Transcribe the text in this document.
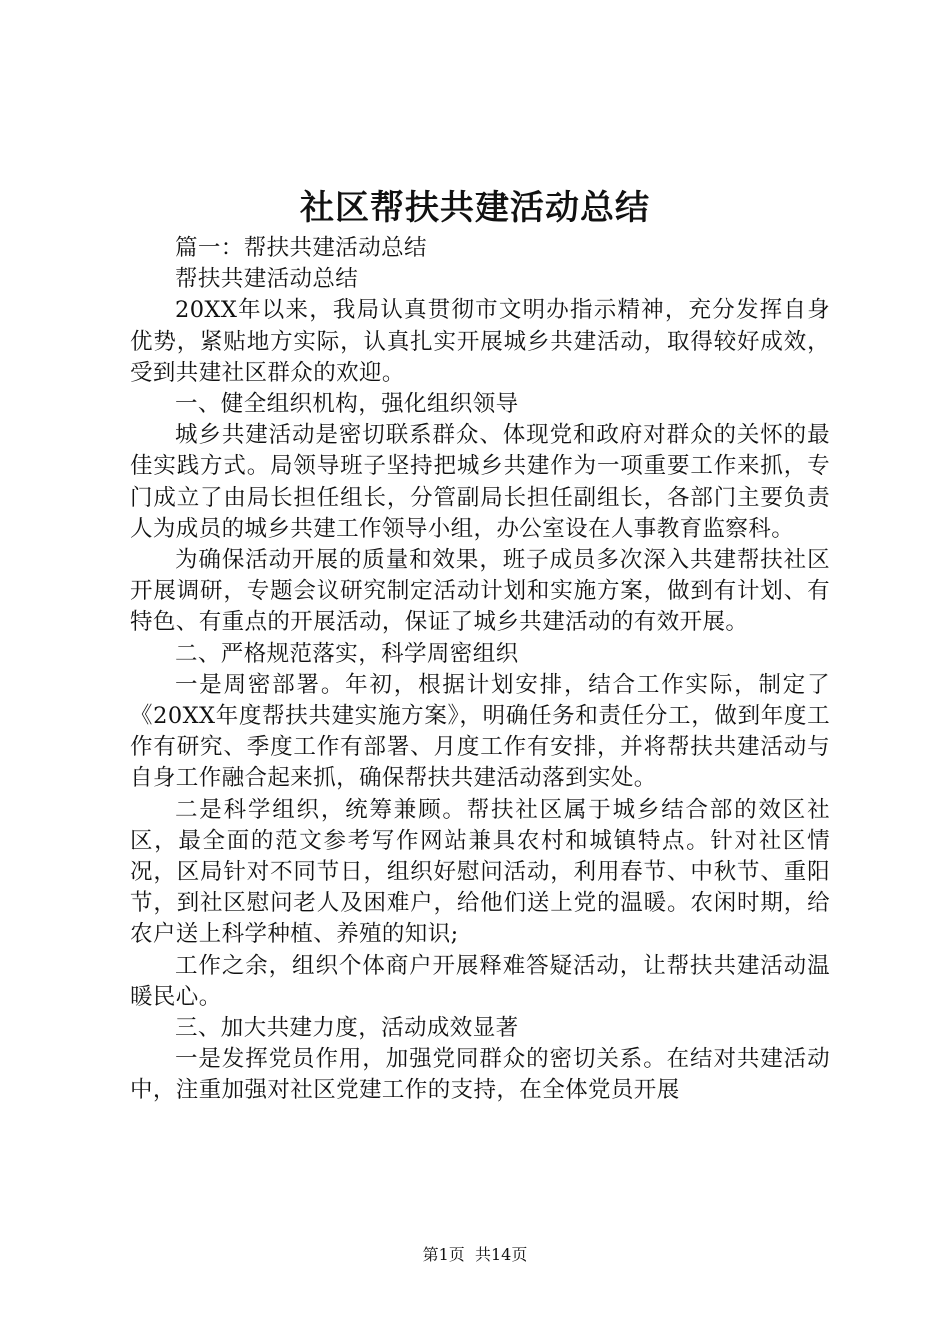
社区帮扶共建活动总结

篇一：帮扶共建活动总结

帮扶共建活动总结

20XX年以来，我局认真贯彻市文明办指示精神，充分发挥自身优势，紧贴地方实际，认真扎实开展城乡共建活动，取得较好成效，受到共建社区群众的欢迎。

一、健全组织机构，强化组织领导

城乡共建活动是密切联系群众、体现党和政府对群众的关怀的最佳实践方式。局领导班子坚持把城乡共建作为一项重要工作来抓，专门成立了由局长担任组长，分管副局长担任副组长，各部门主要负责人为成员的城乡共建工作领导小组，办公室设在人事教育监察科。

为确保活动开展的质量和效果，班子成员多次深入共建帮扶社区开展调研，专题会议研究制定活动计划和实施方案，做到有计划、有特色、有重点的开展活动，保证了城乡共建活动的有效开展。

二、严格规范落实，科学周密组织

一是周密部署。年初，根据计划安排，结合工作实际，制定了《20XX年度帮扶共建实施方案》，明确任务和责任分工，做到年度工作有研究、季度工作有部署、月度工作有安排，并将帮扶共建活动与自身工作融合起来抓，确保帮扶共建活动落到实处。

二是科学组织，统筹兼顾。帮扶社区属于城乡结合部的效区社区，最全面的范文参考写作网站兼具农村和城镇特点。针对社区情况，区局针对不同节日，组织好慰问活动，利用春节、中秋节、重阳节，到社区慰问老人及困难户，给他们送上党的温暖。农闲时期，给农户送上科学种植、养殖的知识;

工作之余，组织个体商户开展释难答疑活动，让帮扶共建活动温暖民心。

三、加大共建力度，活动成效显著

一是发挥党员作用，加强党同群众的密切关系。在结对共建活动中，注重加强对社区党建工作的支持，在全体党员开展

第1页 共14页
